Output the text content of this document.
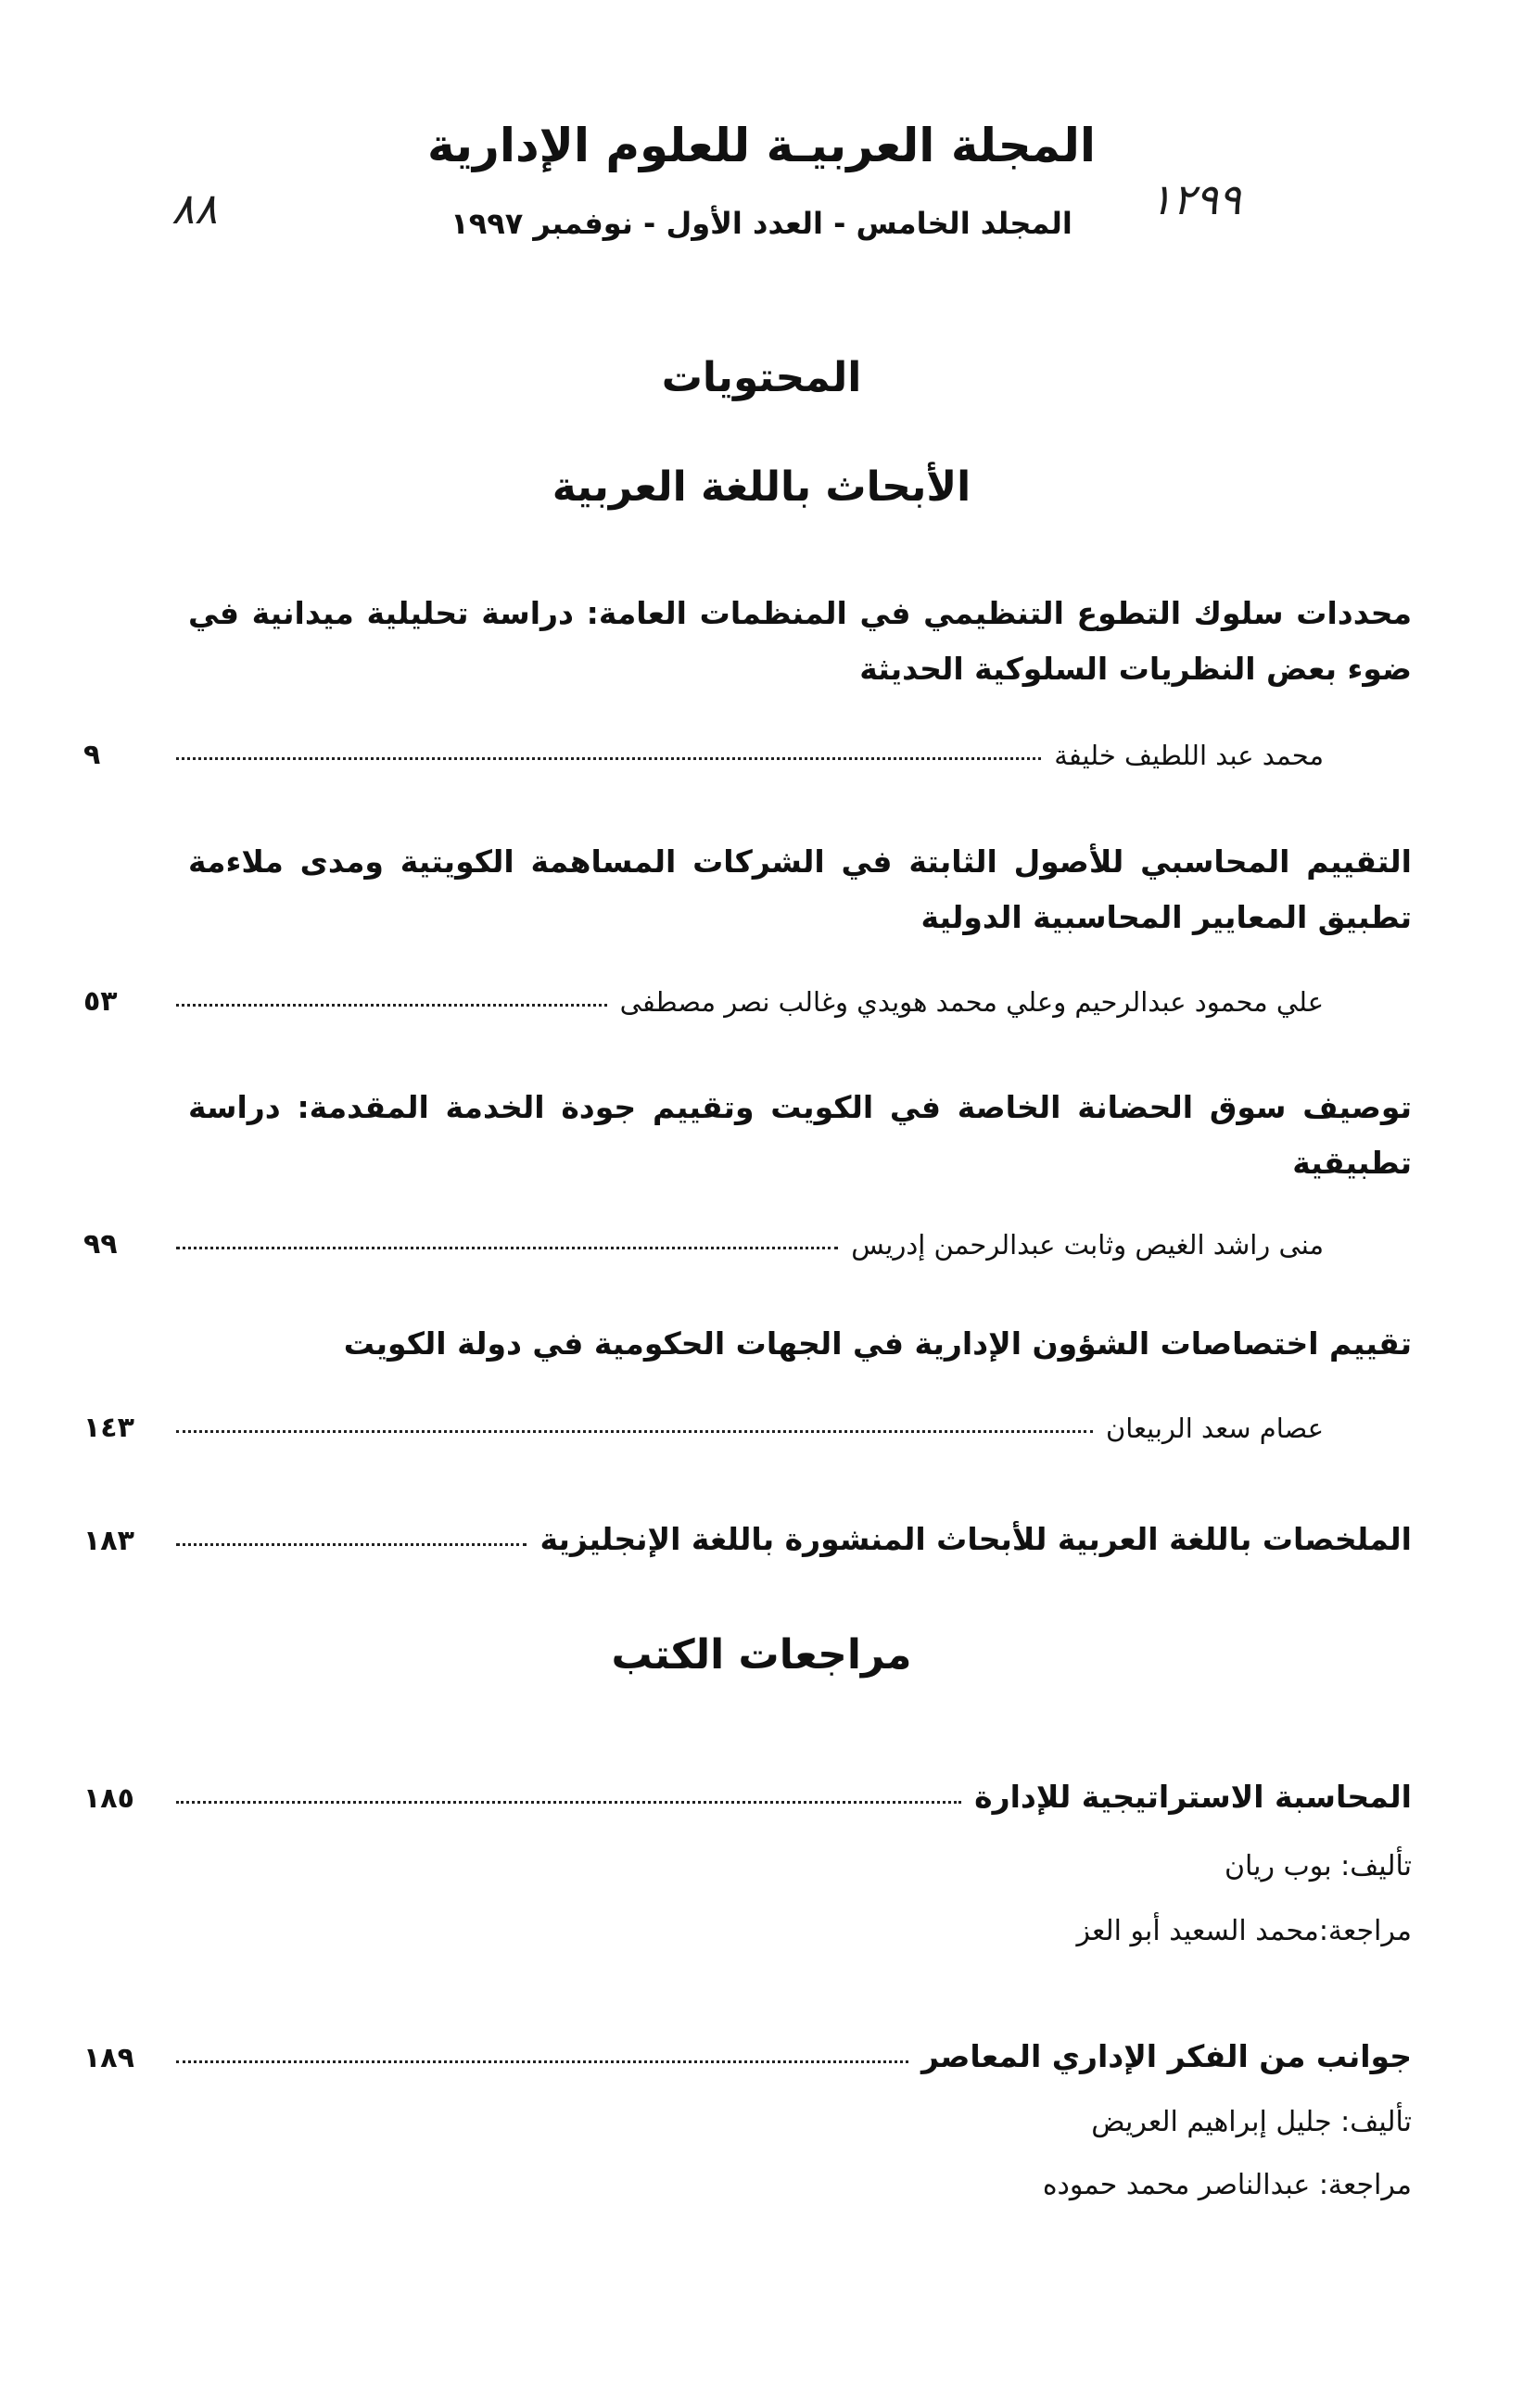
المجلة العربيـة للعلوم الإدارية
المجلد الخامس - العدد الأول - نوفمبر ١٩٩٧
٨٨	١٢٩٩
المحتويات
الأبحاث باللغة العربية
محددات سلوك التطوع التنظيمي في المنظمات العامة: دراسة تحليلية ميدانية في ضوء بعض النظريات السلوكية الحديثة
محمد عبد اللطيف خليفة
٩
التقييم المحاسبي للأصول الثابتة في الشركات المساهمة الكويتية ومدى ملاءمة تطبيق المعايير المحاسبية الدولية
علي محمود عبدالرحيم وعلي محمد هويدي وغالب نصر مصطفى
٥٣
توصيف سوق الحضانة الخاصة في الكويت وتقييم جودة الخدمة المقدمة: دراسة تطبيقية
منى راشد الغيص وثابت عبدالرحمن إدريس
٩٩
تقييم اختصاصات الشؤون الإدارية في الجهات الحكومية في دولة الكويت
عصام سعد الربيعان
١٤٣
الملخصات باللغة العربية للأبحاث المنشورة باللغة الإنجليزية
١٨٣
مراجعات الكتب
المحاسبة الاستراتيجية للإدارة
١٨٥
تأليف: بوب ريان
مراجعة:محمد السعيد أبو العز
جوانب من الفكر الإداري المعاصر
١٨٩
تأليف: جليل إبراهيم العريض
مراجعة: عبدالناصر محمد حموده
